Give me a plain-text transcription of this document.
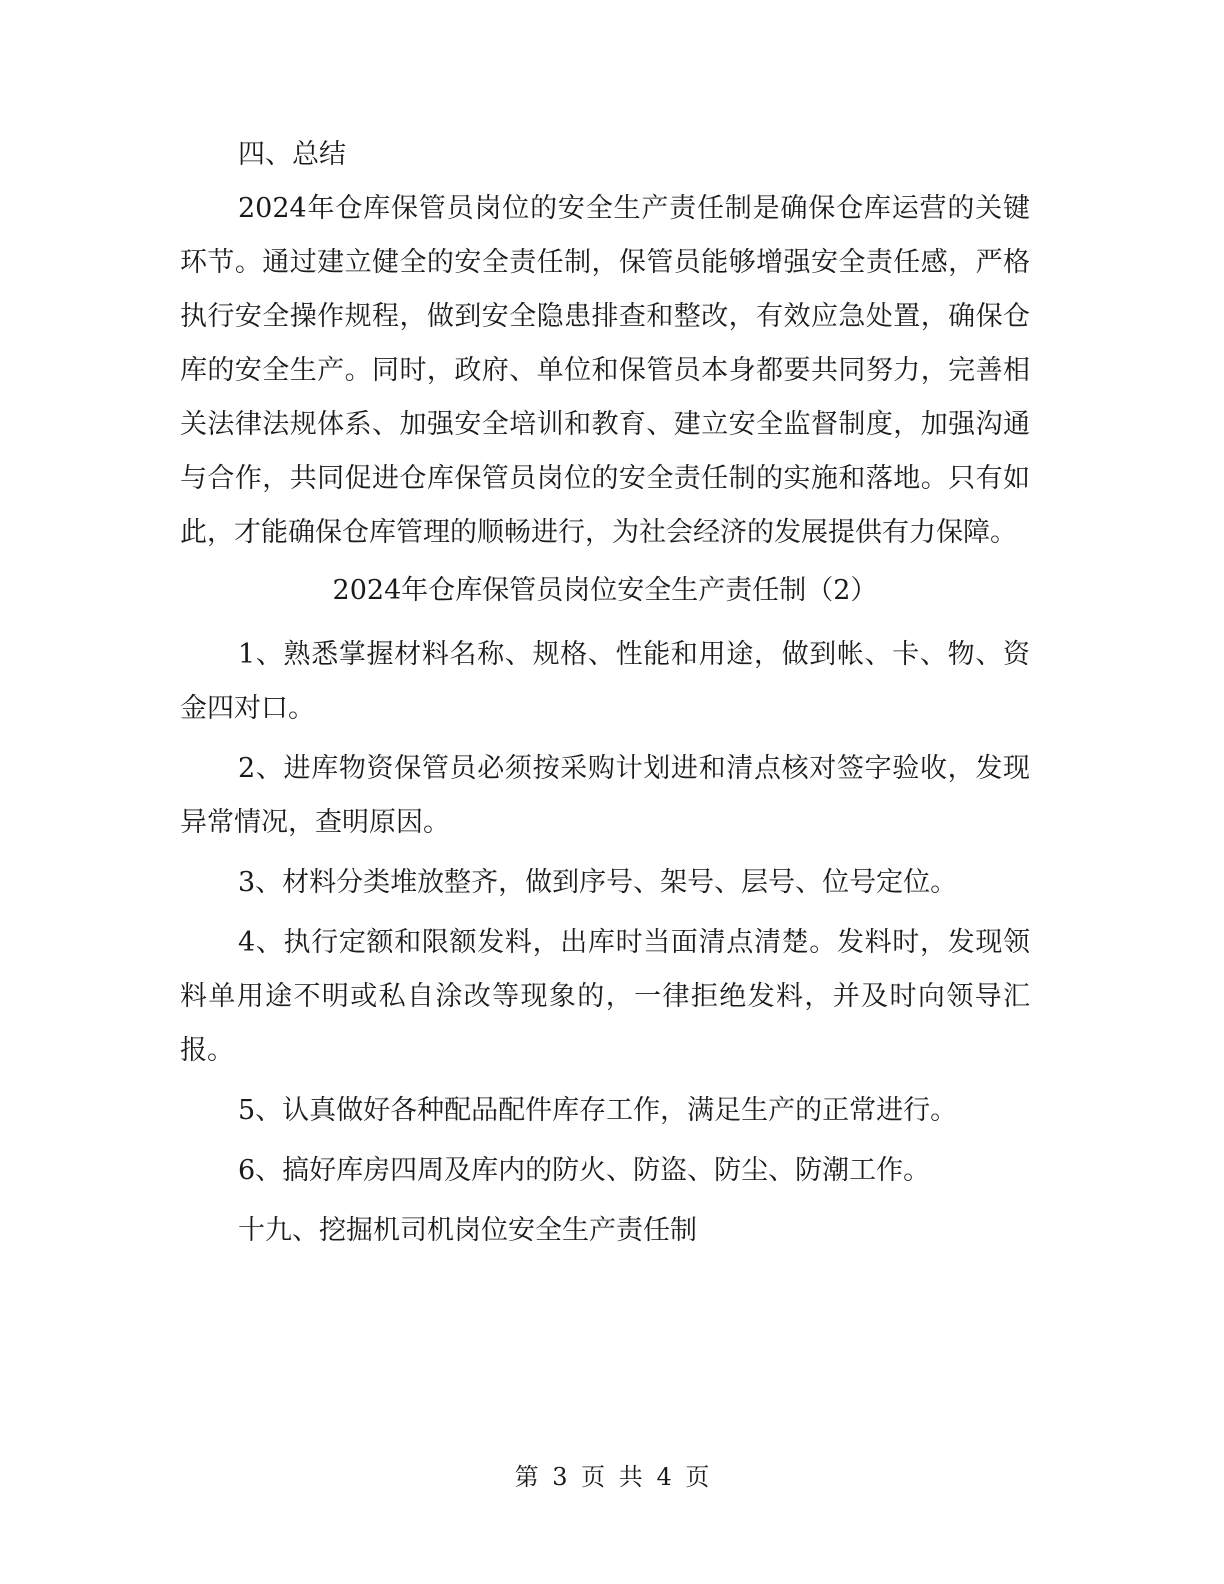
四、总结

2024年仓库保管员岗位的安全生产责任制是确保仓库运营的关键环节。通过建立健全的安全责任制，保管员能够增强安全责任感，严格执行安全操作规程，做到安全隐患排查和整改，有效应急处置，确保仓库的安全生产。同时，政府、单位和保管员本身都要共同努力，完善相关法律法规体系、加强安全培训和教育、建立安全监督制度，加强沟通与合作，共同促进仓库保管员岗位的安全责任制的实施和落地。只有如此，才能确保仓库管理的顺畅进行，为社会经济的发展提供有力保障。

2024年仓库保管员岗位安全生产责任制（2）

1、熟悉掌握材料名称、规格、性能和用途，做到帐、卡、物、资金四对口。

2、进库物资保管员必须按采购计划进和清点核对签字验收，发现异常情况，查明原因。

3、材料分类堆放整齐，做到序号、架号、层号、位号定位。

4、执行定额和限额发料，出库时当面清点清楚。发料时，发现领料单用途不明或私自涂改等现象的，一律拒绝发料，并及时向领导汇报。

5、认真做好各种配品配件库存工作，满足生产的正常进行。

6、搞好库房四周及库内的防火、防盗、防尘、防潮工作。

十九、挖掘机司机岗位安全生产责任制

第 3 页 共 4 页
